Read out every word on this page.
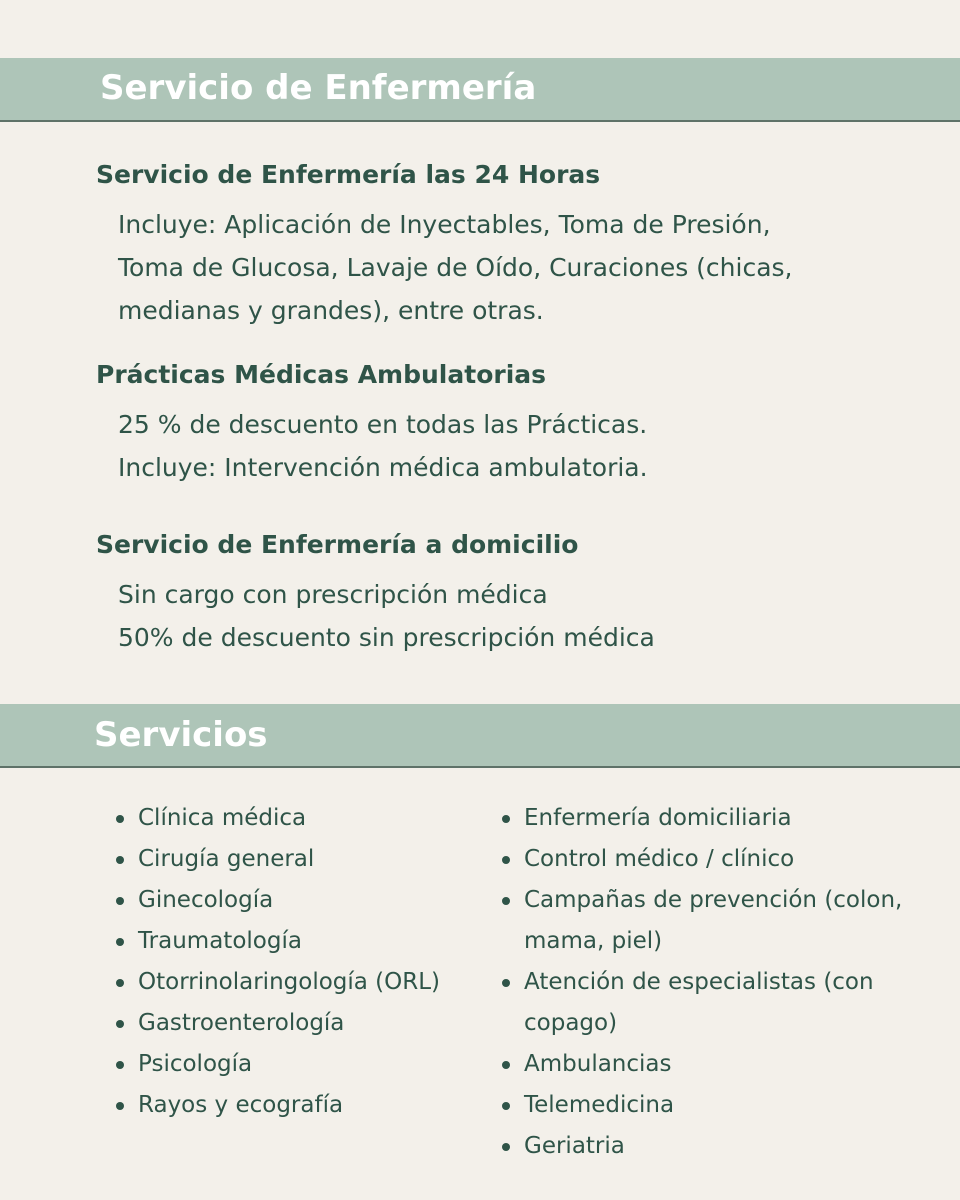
Servicio de Enfermería
Servicio de Enfermería las 24 Horas

Incluye: Aplicación de Inyectables, Toma de Presión,
Toma de Glucosa, Lavaje de Oído, Curaciones (chicas,
medianas y grandes), entre otras.

Prácticas Médicas Ambulatorias

25 % de descuento en todas las Prácticas.
Incluye: Intervención médica ambulatoria.

Servicio de Enfermería a domicilio

Sin cargo con prescripción médica
50% de descuento sin prescripción médica

Servicios
Clínica médica
Cirugía general
Ginecología
Traumatología
Otorrinolaringología (ORL)
Gastroenterología
Psicología
Rayos y ecografía
Enfermería domiciliaria
Control médico / clínico
Campañas de prevención (colon, mama, piel)
Atención de especialistas (con copago)
Ambulancias
Telemedicina
Geriatria
